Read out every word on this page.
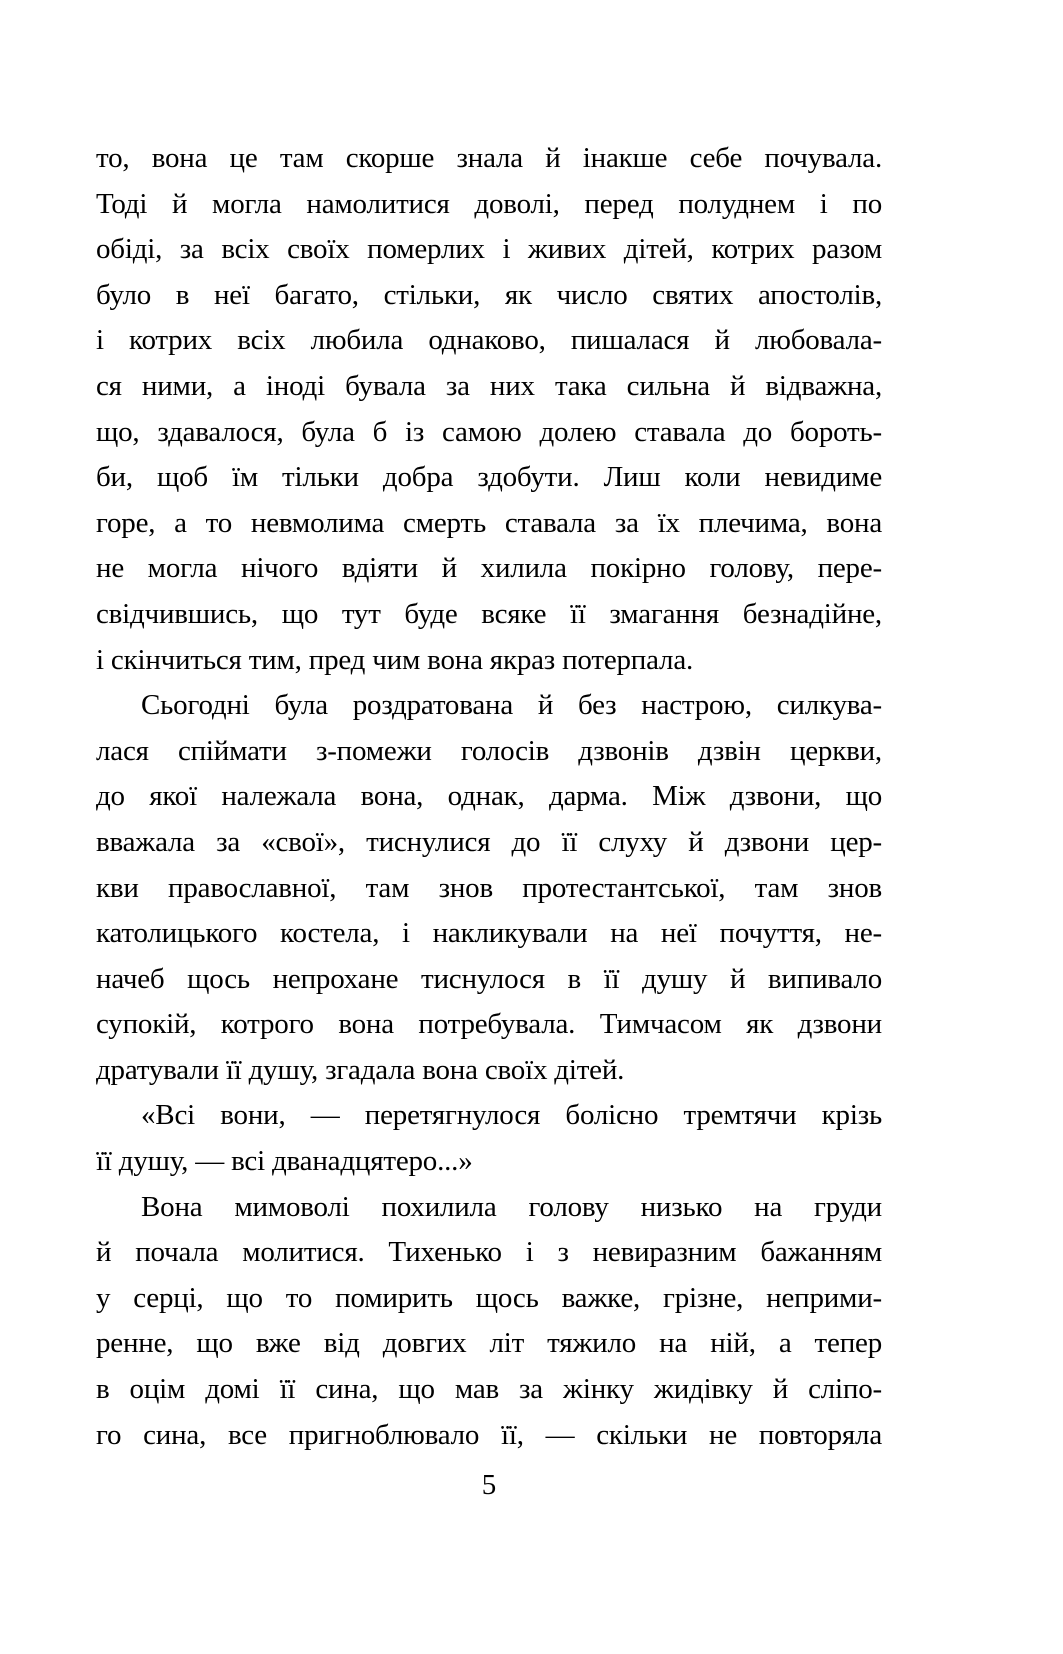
то, вона це там скорше знала й інакше себе почувала.
Тоді й могла намолитися доволі, перед полуднем і по
обіді, за всіх своїх померлих і живих дітей, котрих разом
було в неї багато, стільки, як число святих апостолів,
і котрих всіх любила однаково, пишалася й любовала-
ся ними, а іноді бувала за них така сильна й відважна,
що, здавалося, була б із самою долею ставала до бороть-
би, щоб їм тільки добра здобути. Лиш коли невидиме
горе, а то невмолима смерть ставала за їх плечима, вона
не могла нічого вдіяти й хилила покірно голову, пере-
свідчившись, що тут буде всяке її змагання безнадійне,
і скінчиться тим, пред чим вона якраз потерпала.
Сьогодні була роздратована й без настрою, силкува-
лася спіймати з-помежи голосів дзвонів дзвін церкви,
до якої належала вона, однак, дарма. Між дзвони, що
вважала за «свої», тиснулися до її слуху й дзвони цер-
кви православної, там знов протестантської, там знов
католицького костела, і накликували на неї почуття, не-
начеб щось непрохане тиснулося в її душу й випивало
супокій, котрого вона потребувала. Тимчасом як дзвони
дратували її душу, згадала вона своїх дітей.
«Всі вони, — перетягнулося болісно тремтячи крізь
її душу, — всі дванадцятеро...»
Вона мимоволі похилила голову низько на груди
й почала молитися. Тихенько і з невиразним бажанням
у серці, що то помирить щось важке, грізне, неприми-
ренне, що вже від довгих літ тяжило на ній, а тепер
в оцім домі її сина, що мав за жінку жидівку й сліпо-
го сина, все пригноблювало її, — скільки не повторяла
5
